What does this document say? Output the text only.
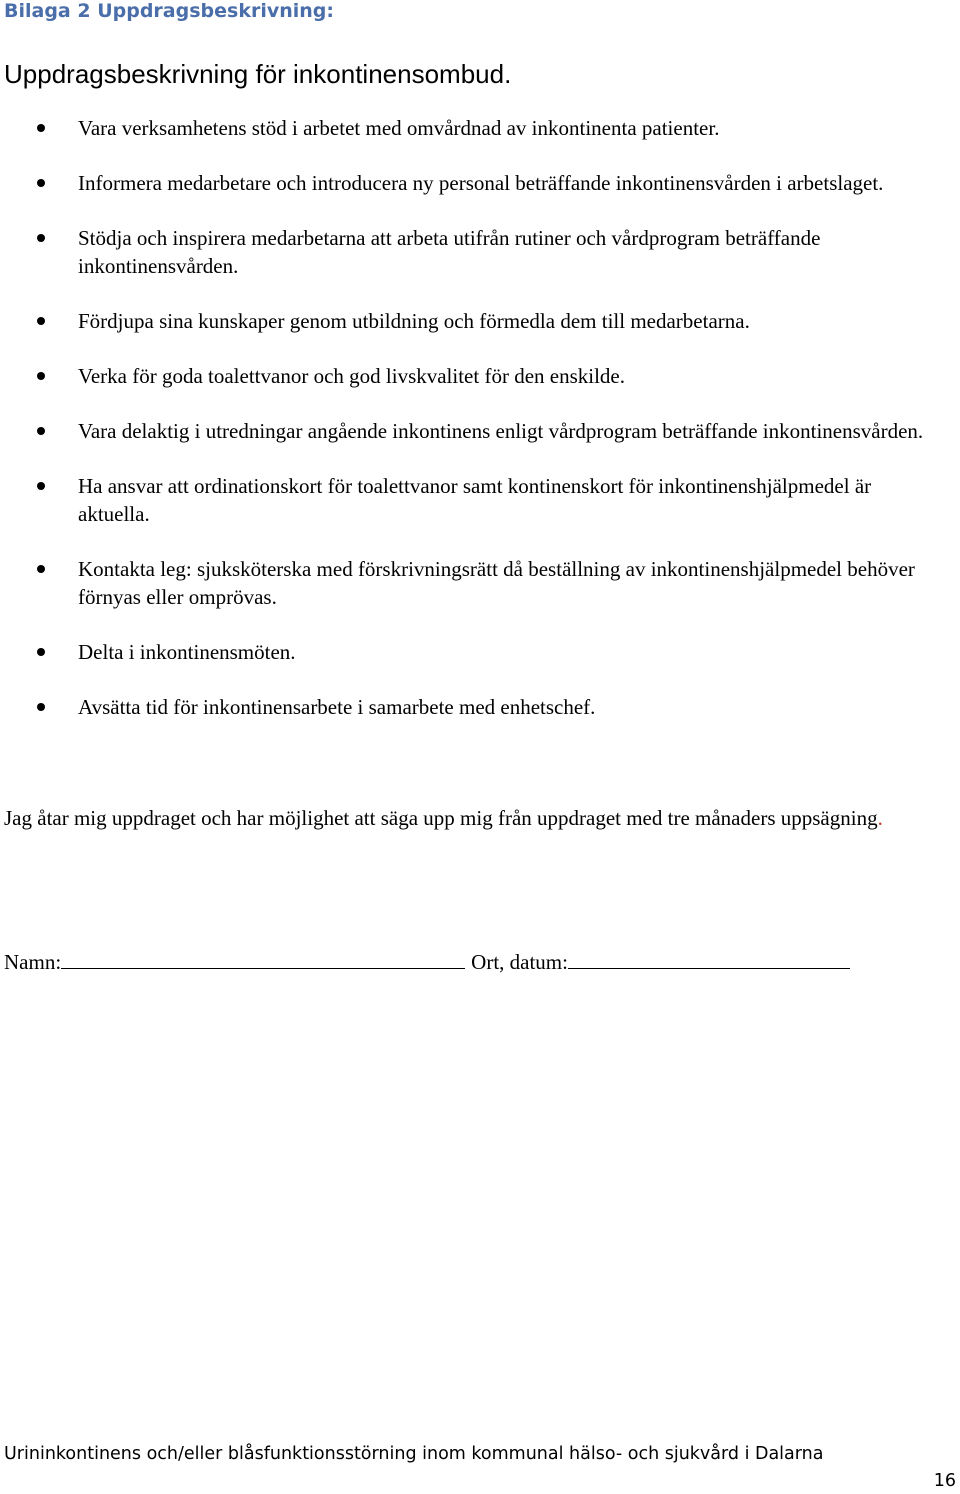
Bilaga 2 Uppdragsbeskrivning:
Uppdragsbeskrivning för inkontinensombud.
Vara verksamhetens stöd i arbetet med omvårdnad av inkontinenta patienter.
Informera medarbetare och introducera ny personal beträffande inkontinensvården i arbetslaget.
Stödja och inspirera medarbetarna att arbeta utifrån rutiner och vårdprogram beträffande inkontinensvården.
Fördjupa sina kunskaper genom utbildning och förmedla dem till medarbetarna.
Verka för goda toalettvanor och god livskvalitet för den enskilde.
Vara delaktig i utredningar angående inkontinens enligt vårdprogram beträffande inkontinensvården.
Ha ansvar att ordinationskort för toalettvanor samt kontinenskort för inkontinenshjälpmedel är aktuella.
Kontakta leg: sjuksköterska med förskrivningsrätt då beställning av inkontinenshjälpmedel behöver förnyas eller omprövas.
Delta i inkontinensmöten.
Avsätta tid för inkontinensarbete i samarbete med enhetschef.

Jag åtar mig uppdraget och har möjlighet att säga upp mig från uppdraget med tre månaders uppsägning.

Namn:	Ort, datum:
Urininkontinens och/eller blåsfunktionsstörning inom kommunal hälso- och sjukvård i Dalarna
16
